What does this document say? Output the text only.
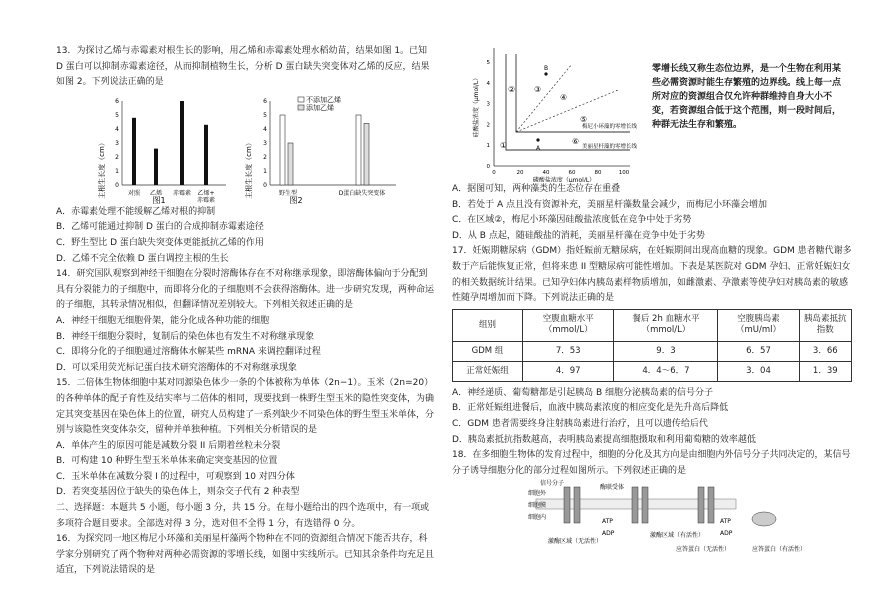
13．为探讨乙烯与赤霉素对根生长的影响，用乙烯和赤霉素处理水稻幼苗，结果如图 1。已知 D 蛋白可以抑制赤霉素途径，从而抑制植物生长，分析 D 蛋白缺失突变体对乙烯的反应，结果如图 2。下列说法正确的是

主根生长度（cm）
6
5
4
3
2
1
0
对照 乙烯 赤霉素 乙烯+
赤霉素
图1
主根生长度（cm）
6
5
4
3
2
1
0
野生型	D蛋白缺失突变体
不添加乙烯
添加乙烯
图2

A．赤霉素处理不能缓解乙烯对根的抑制

B．乙烯可能通过抑制 D 蛋白的合成抑制赤霉素途径

C．野生型比 D 蛋白缺失突变体更能抵抗乙烯的作用

D．乙烯不完全依赖 D 蛋白调控主根的生长

14．研究国队观察到神经干细胞在分裂时溶酶体存在不对称继承现象，即溶酶体偏向于分配到具有分裂能力的子细胞中，而即将分化的子细胞则不会获得溶酶体。进一步研究发现，两种命运的子细胞，其转录情况相似，但翻译情况差别较大。下列相关叙述正确的是

A．神经干细胞无细胞骨架，能分化成各种功能的细胞

B．神经干细胞分裂时，复制后的染色体也有发生不对称继承现象

C．即将分化的子细胞通过溶酶体水解某些 mRNA 来调控翻译过程

D．可以采用荧光标记蛋白技术研究溶酶体的不对称继承现象

15．二倍体生物体细胞中某对同源染色体少一条的个体被称为单体（2n−1）。玉米（2n=20）的各种单体的配子育性及结实率与二倍体的相同，现要找到一株野生型玉米的隐性突变体，为确定其突变基因在染色体上的位置，研究人员构建了一系列缺少不同染色体的野生型玉米单体，分别与该隐性突变体杂交，留种并单独种植。下列相关分析错误的是

A．单体产生的原因可能是减数分裂 II 后期着丝粒未分裂

B．可构建 10 种野生型玉米单体来确定突变基因的位置

C．玉米单体在减数分裂 I 的过程中，可观察到 10 对四分体

D．若突变基因位于缺失的染色体上，则杂交子代有 2 种表型

二、选择题：本题共 5 小题，每小题 3 分，共 15 分。在每小题给出的四个选项中，有一项或多项符合题目要求。全部选对得 3 分，选对但不全得 1 分，有选错得 0 分。

16．为探究同一地区梅尼小环藻和美丽星杆藻两个物种在不同的资源组合情况下能否共存，科学家分别研究了两个物种对两种必需资源的零增长线，如图中实线所示。已知其余条件均充足且适宜，下列说法错误的是

硅酸盐浓度（μmol/L）
5
4
3
2
1
0
0	20	40	60	80	100
磷酸盐浓度（μmol/L）
①
② ③
④
⑤
⑥
A
B
梅尼小环藻的零增长线
美丽星杆藻的零增长线
零增长线又称生态位边界，是一个生物在利用某些必需资源时能生存繁殖的边界线。线上每一点所对应的资源组合仅允许种群维持自身大小不变，若资源组合低于这个范围，则一段时间后，种群无法生存和繁殖。

A．据图可知，两种藻类的生态位存在重叠

B．若处于 A 点且没有资源补充，美丽星杆藻数量会减少，而梅尼小环藻会增加

C．在区域②，梅尼小环藻因硅酸盐浓度低在竞争中处于劣势

D．从 B 点起，随硅酸盐的消耗，美丽星杆藻在竞争中处于劣势

17．妊娠期糖尿病（GDM）指妊娠前无糖尿病，在妊娠期间出现高血糖的现象。GDM 患者糖代谢多数于产后能恢复正常，但将来患 II 型糖尿病可能性增加。下表是某医院对 GDM 孕妇、正常妊娠妇女的相关数据统计结果。已知孕妇体内胰岛素样物质增加，如雌激素、孕激素等使孕妇对胰岛素的敏感性随孕周增加而下降。下列说法正确的是

组别	空腹血糖水平（mmol/L）	餐后 2h 血糖水平（mmol/L）	空腹胰岛素（mU/ml）	胰岛素抵抗指数
GDM 组	7．53	9．3	6．57	3．66
正常妊娠组	4．97	4．4～6．7	3．04	1．39

A．神经递质、葡萄糖都是引起胰岛 B 细胞分泌胰岛素的信号分子

B．正常妊娠组进餐后，血液中胰岛素浓度的相应变化是先升高后降低

C．GDM 患者需要终身注射胰岛素进行治疗，且可以遗传给后代

D．胰岛素抵抗指数越高，表明胰岛素提高细胞摄取和利用葡萄糖的效率越低

18．在多细胞生物体的发育过程中，细胞的分化及其方向是由细胞内外信号分子共同决定的，某信号分子诱导细胞分化的部分过程如图所示。下列叙述正确的是

信号分子
细胞外
细胞膜
细胞内
酶联受体
ATP
ADP
激酶区域（无活性）
激酶区域（有活性）
应答蛋白（无活性）	应答蛋白（有活性）
ATP
ADP
